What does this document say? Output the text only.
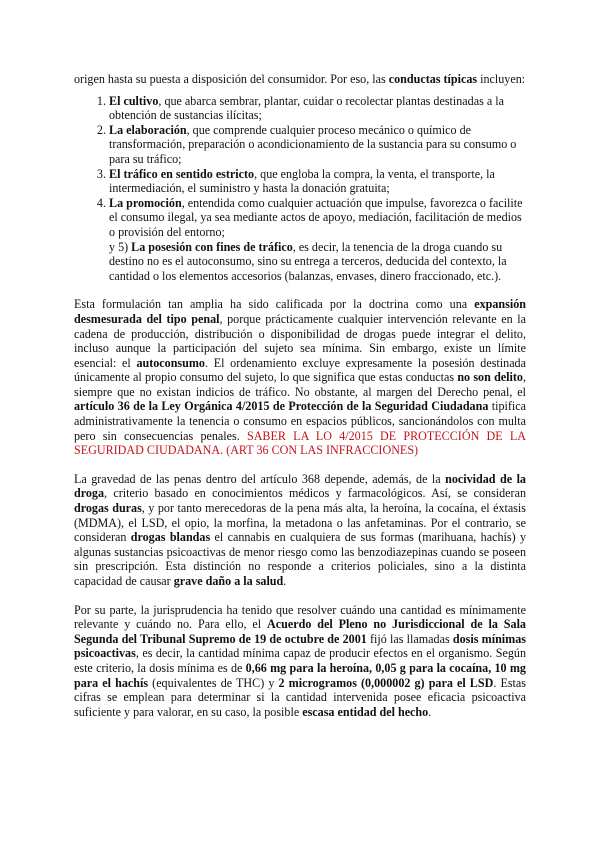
origen hasta su puesta a disposición del consumidor. Por eso, las conductas típicas incluyen:

1. El cultivo, que abarca sembrar, plantar, cuidar o recolectar plantas destinadas a la obtención de sustancias ilícitas;
2. La elaboración, que comprende cualquier proceso mecánico o químico de transformación, preparación o acondicionamiento de la sustancia para su consumo o para su tráfico;
3. El tráfico en sentido estricto, que engloba la compra, la venta, el transporte, la intermediación, el suministro y hasta la donación gratuita;
4. La promoción, entendida como cualquier actuación que impulse, favorezca o facilite el consumo ilegal, ya sea mediante actos de apoyo, mediación, facilitación de medios o provisión del entorno;

y 5) La posesión con fines de tráfico, es decir, la tenencia de la droga cuando su destino no es el autoconsumo, sino su entrega a terceros, deducida del contexto, la cantidad o los elementos accesorios (balanzas, envases, dinero fraccionado, etc.).

Esta formulación tan amplia ha sido calificada por la doctrina como una expansión desmesurada del tipo penal, porque prácticamente cualquier intervención relevante en la cadena de producción, distribución o disponibilidad de drogas puede integrar el delito, incluso aunque la participación del sujeto sea mínima. Sin embargo, existe un límite esencial: el autoconsumo. El ordenamiento excluye expresamente la posesión destinada únicamente al propio consumo del sujeto, lo que significa que estas conductas no son delito, siempre que no existan indicios de tráfico. No obstante, al margen del Derecho penal, el artículo 36 de la Ley Orgánica 4/2015 de Protección de la Seguridad Ciudadana tipifica administrativamente la tenencia o consumo en espacios públicos, sancionándolos con multa pero sin consecuencias penales. SABER LA LO 4/2015 DE PROTECCIÓN DE LA SEGURIDAD CIUDADANA. (ART 36 CON LAS INFRACCIONES)

La gravedad de las penas dentro del artículo 368 depende, además, de la nocividad de la droga, criterio basado en conocimientos médicos y farmacológicos. Así, se consideran drogas duras, y por tanto merecedoras de la pena más alta, la heroína, la cocaína, el éxtasis (MDMA), el LSD, el opio, la morfina, la metadona o las anfetaminas. Por el contrario, se consideran drogas blandas el cannabis en cualquiera de sus formas (marihuana, hachís) y algunas sustancias psicoactivas de menor riesgo como las benzodiazepinas cuando se poseen sin prescripción. Esta distinción no responde a criterios policiales, sino a la distinta capacidad de causar grave daño a la salud.

Por su parte, la jurisprudencia ha tenido que resolver cuándo una cantidad es mínimamente relevante y cuándo no. Para ello, el Acuerdo del Pleno no Jurisdiccional de la Sala Segunda del Tribunal Supremo de 19 de octubre de 2001 fijó las llamadas dosis mínimas psicoactivas, es decir, la cantidad mínima capaz de producir efectos en el organismo. Según este criterio, la dosis mínima es de 0,66 mg para la heroína, 0,05 g para la cocaína, 10 mg para el hachís (equivalentes de THC) y 2 microgramos (0,000002 g) para el LSD. Estas cifras se emplean para determinar si la cantidad intervenida posee eficacia psicoactiva suficiente y para valorar, en su caso, la posible escasa entidad del hecho.
